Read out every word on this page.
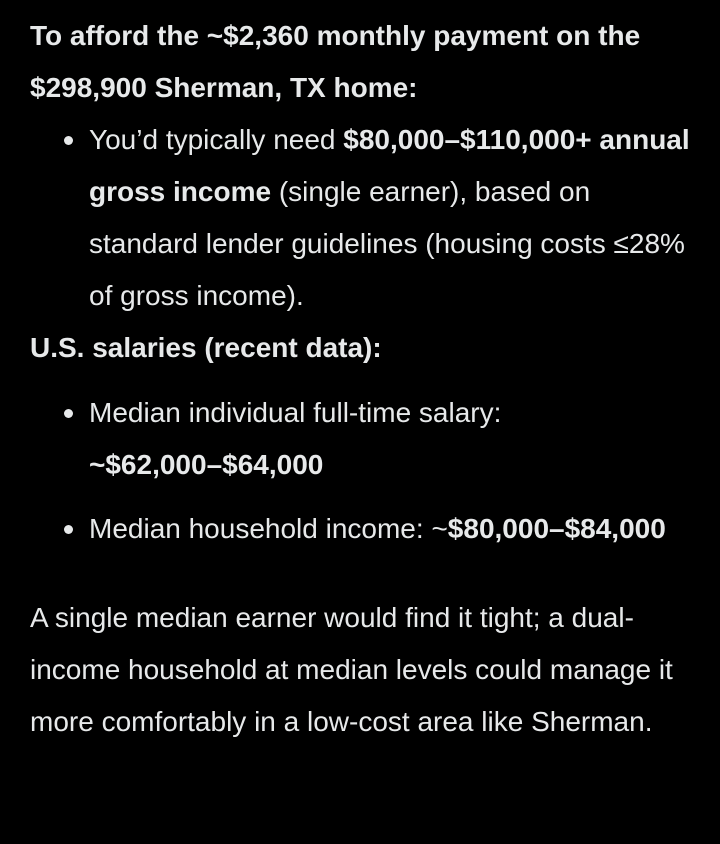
To afford the ~$2,360 monthly payment on the
$298,900 Sherman, TX home:
You’d typically need $80,000–$110,000+ annual gross income (single earner), based on standard lender guidelines (housing costs ≤28% of gross income).
U.S. salaries (recent data):
Median individual full-time salary:
~$62,000–$64,000
Median household income: ~$80,000–$84,000

A single median earner would find it tight; a dual-income household at median levels could manage it more comfortably in a low-cost area like Sherman.
